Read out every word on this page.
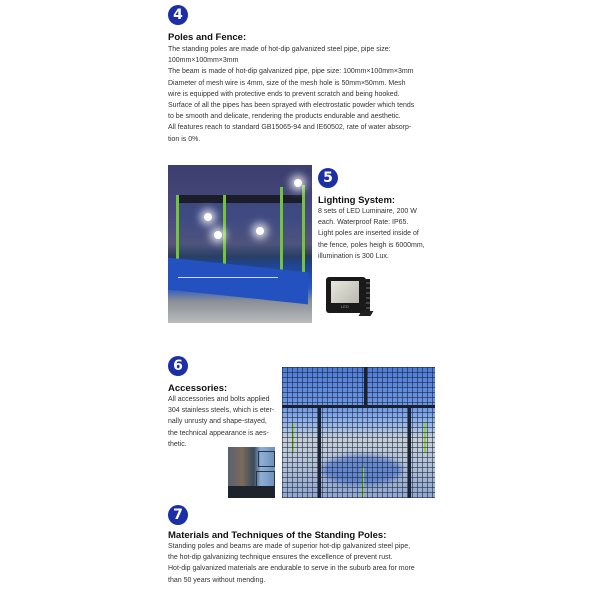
4
Poles and Fence:

The standing poles are made of hot-dip galvanized steel pipe, pipe size:

100mm×100mm×3mm

The beam is made of hot-dip galvanized pipe, pipe size: 100mm×100mm×3mm

Diameter of mesh wire is 4mm, size of the mesh hole is 50mm×50mm. Mesh

wire is equipped with protective ends to prevent scratch and being hooked.

Surface of all the pipes has been sprayed with electrostatic powder which tends

to be smooth and delicate, rendering the products endurable and aesthetic.

All features reach to standard GB15065-94 and IE60502, rate of water absorp-

tion is 0%.

5
Lighting System:

8 sets of LED Luminaire, 200 W

each. Waterproof Rate: IP65.

Light poles are inserted inside of

the fence, poles heigh is 6000mm,

illumination is 300 Lux.

LED
6
Accessories:

All accessories and bolts applied

304 stainless steels, which is eter-

nally unrusty and shape-stayed,

the technical appearance is aes-

thetic.

7
Materials and Techniques of the Standing Poles:

Standing poles and beams are made of superior hot-dip galvanized steel pipe,

the hot-dip galvanizing technique ensures the excellence of prevent rust.

Hot-dip galvanized materials are endurable to serve in the suburb area for more

than 50 years without mending.
